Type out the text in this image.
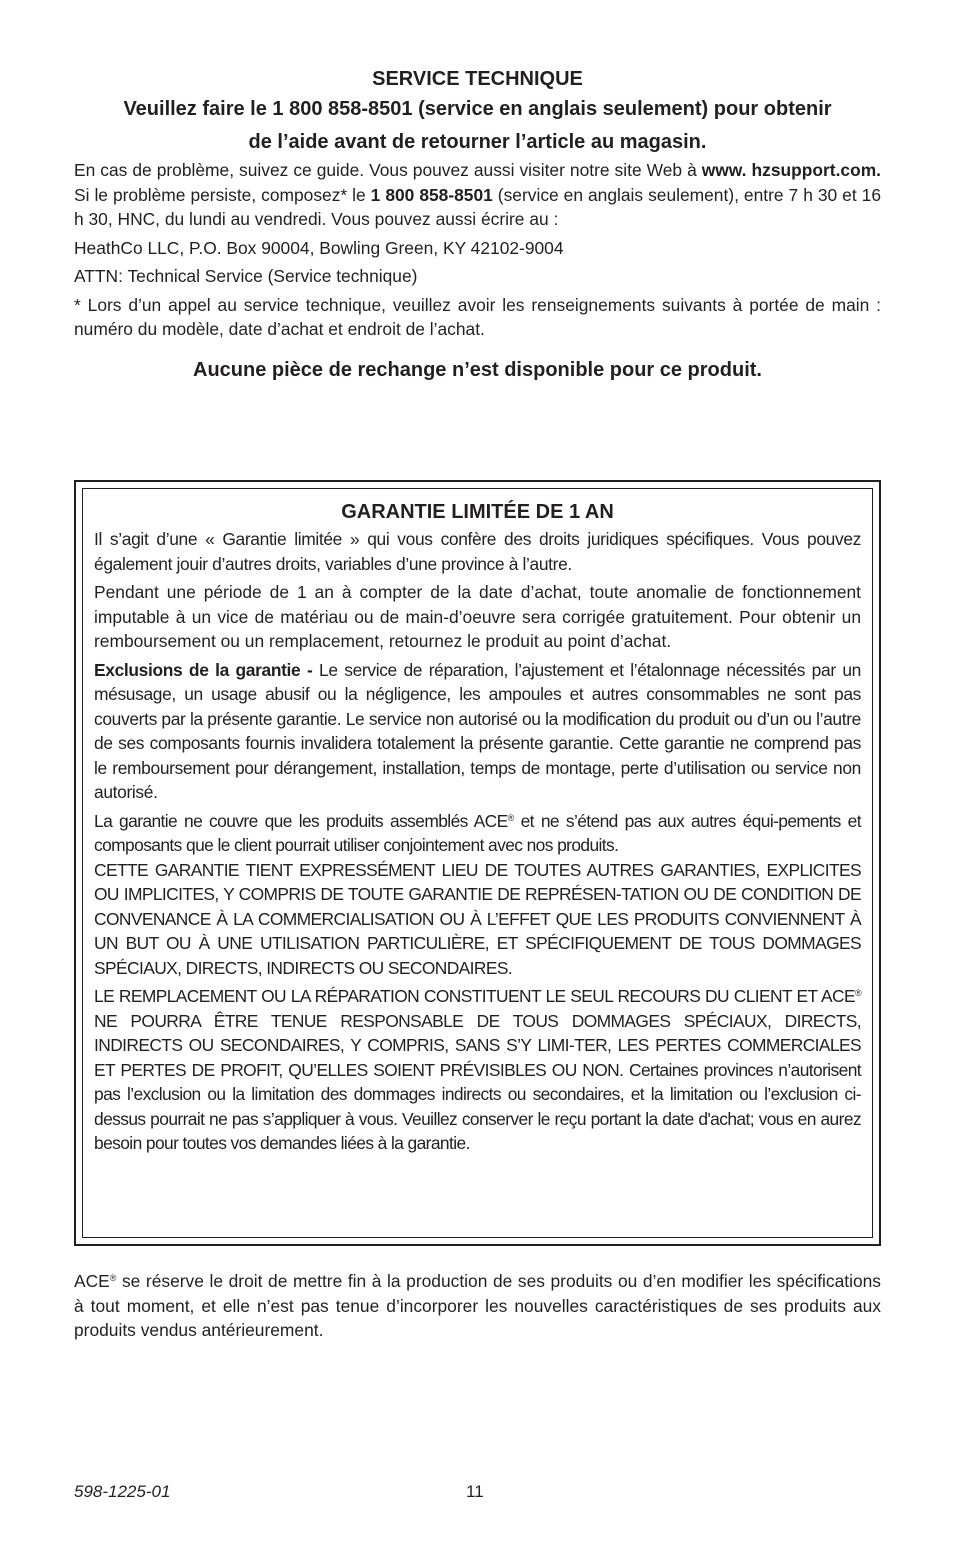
SERVICE TECHNIQUE
Veuillez faire le 1 800 858-8501 (service en anglais seulement) pour obtenir
de l’aide avant de retourner l’article au magasin.

En cas de problème, suivez ce guide. Vous pouvez aussi visiter notre site Web à www. hzsupport.com. Si le problème persiste, composez* le 1 800 858-8501 (service en anglais seulement), entre 7 h 30 et 16 h 30, HNC, du lundi au vendredi. Vous pouvez aussi écrire au :

HeathCo LLC, P.O. Box 90004, Bowling Green, KY 42102-9004

ATTN: Technical Service (Service technique)

* Lors d’un appel au service technique, veuillez avoir les renseignements suivants à portée de main : numéro du modèle, date d’achat et endroit de l’achat.

Aucune pièce de rechange n’est disponible pour ce produit.
GARANTIE LIMITÉE DE 1 AN

Il s’agit d’une « Garantie limitée » qui vous confère des droits juridiques spécifiques. Vous pouvez également jouir d’autres droits, variables d’une province à l’autre.

Pendant une période de 1 an à compter de la date d’achat, toute anomalie de fonctionnement imputable à un vice de matériau ou de main-d’oeuvre sera corrigée gratuitement. Pour obtenir un remboursement ou un remplacement, retournez le produit au point d’achat.

Exclusions de la garantie - Le service de réparation, l’ajustement et l’étalonnage nécessités par un mésusage, un usage abusif ou la négligence, les ampoules et autres consommables ne sont pas couverts par la présente garantie. Le service non autorisé ou la modification du produit ou d’un ou l’autre de ses composants fournis invalidera totalement la présente garantie. Cette garantie ne comprend pas le remboursement pour dérangement, installation, temps de montage, perte d’utilisation ou service non autorisé.

La garantie ne couvre que les produits assemblés ACE® et ne s’étend pas aux autres équi-pements et composants que le client pourrait utiliser conjointement avec nos produits.

CETTE GARANTIE TIENT EXPRESSÉMENT LIEU DE TOUTES AUTRES GARANTIES, EXPLICITES OU IMPLICITES, Y COMPRIS DE TOUTE GARANTIE DE REPRÉSEN-TATION OU DE CONDITION DE CONVENANCE À LA COMMERCIALISATION OU À L’EFFET QUE LES PRODUITS CONVIENNENT À UN BUT OU À UNE UTILISATION PARTICULIÈRE, ET SPÉCIFIQUEMENT DE TOUS DOMMAGES SPÉCIAUX, DIRECTS, INDIRECTS OU SECONDAIRES.

LE REMPLACEMENT OU LA RÉPARATION CONSTITUENT LE SEUL RECOURS DU CLIENT ET ACE® NE POURRA ÊTRE TENUE RESPONSABLE DE TOUS DOMMAGES SPÉCIAUX, DIRECTS, INDIRECTS OU SECONDAIRES, Y COMPRIS, SANS S’Y LIMI-TER, LES PERTES COMMERCIALES ET PERTES DE PROFIT, QU’ELLES SOIENT PRÉVISIBLES OU NON. Certaines provinces n’autorisent pas l’exclusion ou la limitation des dommages indirects ou secondaires, et la limitation ou l’exclusion ci-dessus pourrait ne pas s’appliquer à vous. Veuillez conserver le reçu portant la date d'achat; vous en aurez besoin pour toutes vos demandes liées à la garantie.

ACE® se réserve le droit de mettre fin à la production de ses produits ou d’en modifier les spécifications à tout moment, et elle n’est pas tenue d’incorporer les nouvelles caractéristiques de ses produits aux produits vendus antérieurement.

598-1225-01	11
